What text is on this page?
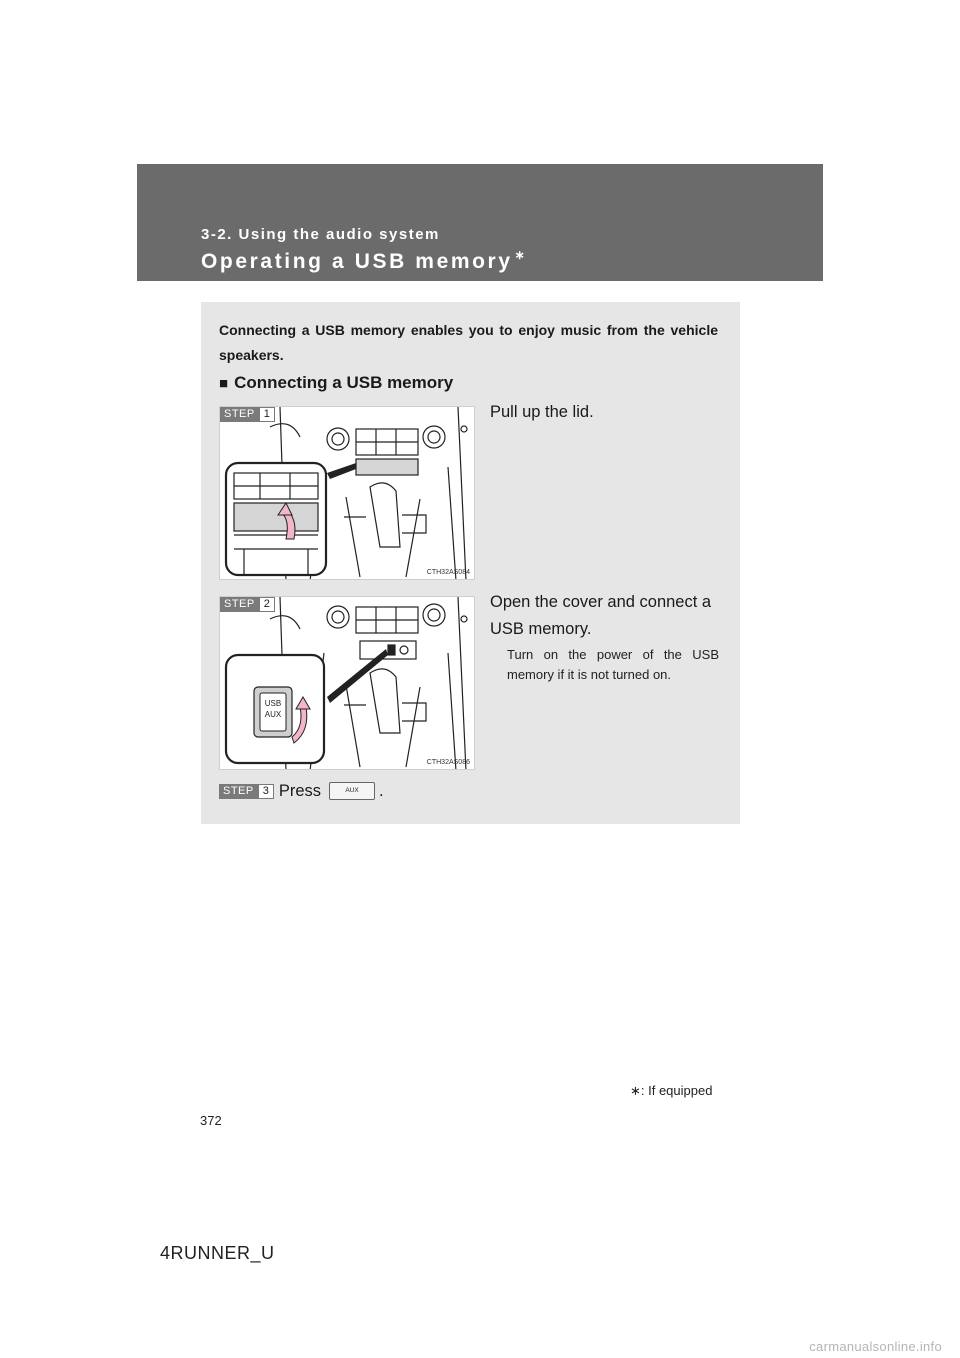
3-2. Using the audio system
Operating a USB memory ∗
Connecting a USB memory enables you to enjoy music from the vehicle speakers.
■ Connecting a USB memory
STEP 1
CTH32AS084
Pull up the lid.
STEP 2
USB
AUX
CTH32AS086
Open the cover and connect a USB memory.
Turn on the power of the USB memory if it is not turned on.
STEP 3 Press	AUX	.
∗: If equipped
372
4RUNNER_U
carmanualsonline.info
